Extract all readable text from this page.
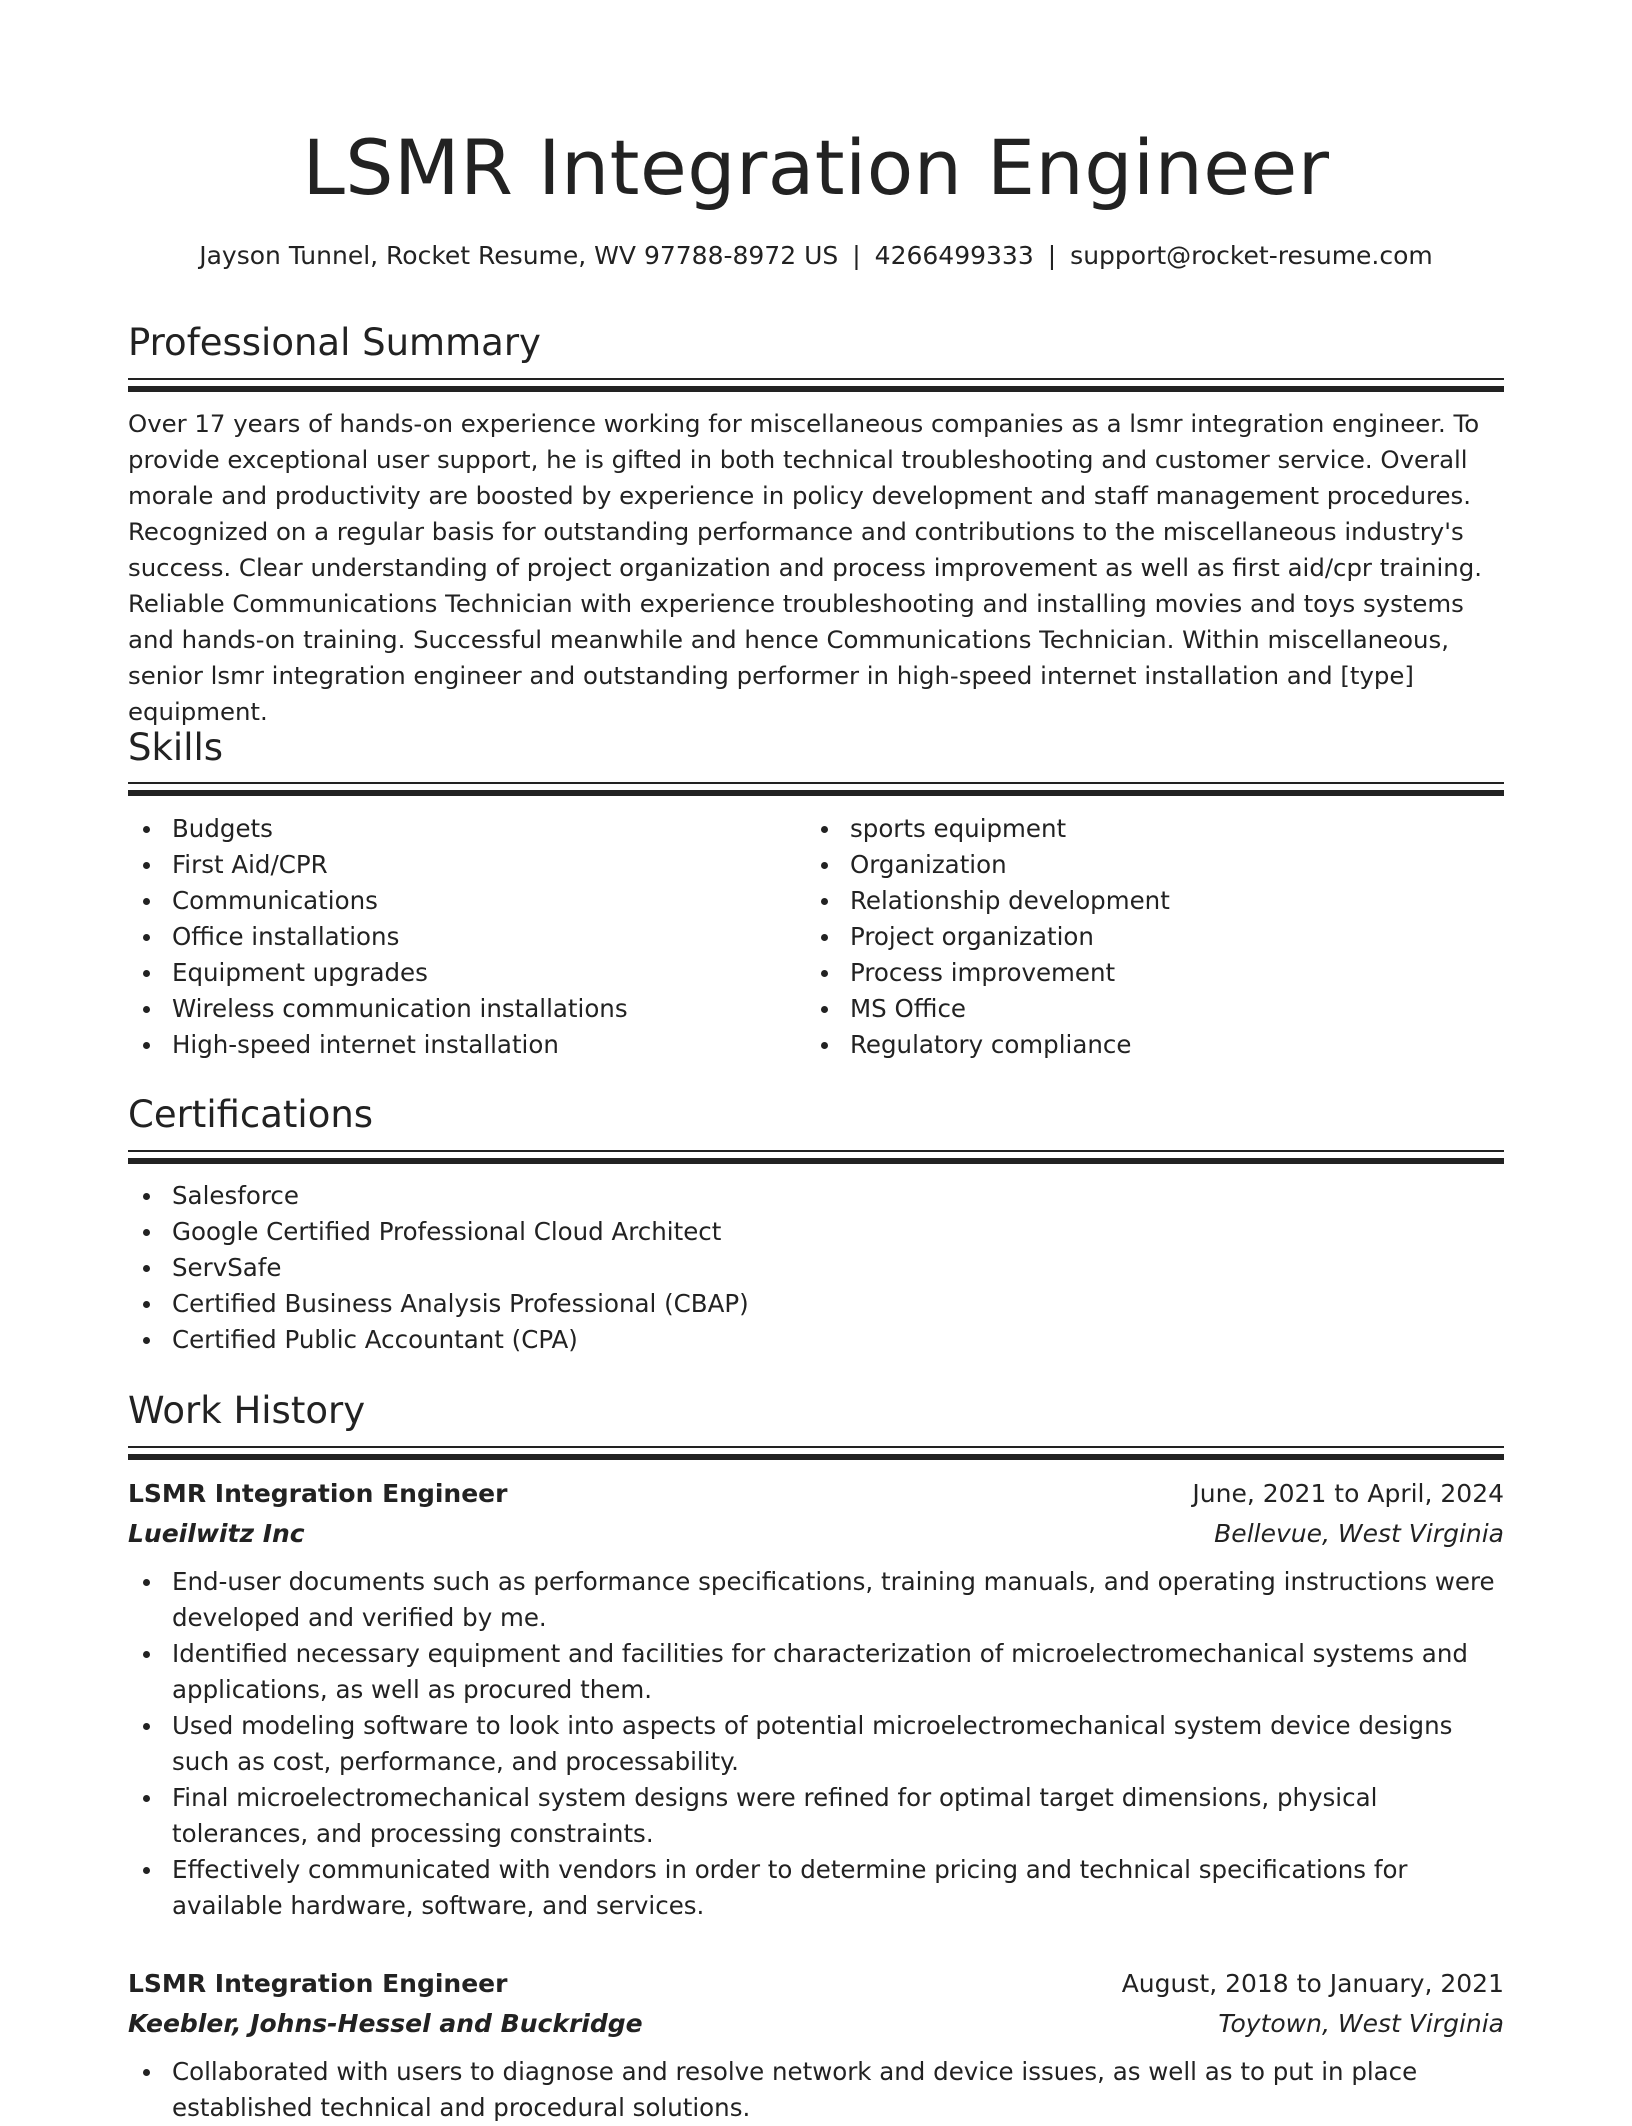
LSMR Integration Engineer
Jayson Tunnel, Rocket Resume, WV 97788-8972 US | 4266499333 | support@rocket-resume.com
Professional Summary

Over 17 years of hands-on experience working for miscellaneous companies as a lsmr integration engineer. To provide exceptional user support, he is gifted in both technical troubleshooting and customer service. Overall morale and productivity are boosted by experience in policy development and staff management procedures. Recognized on a regular basis for outstanding performance and contributions to the miscellaneous industry's success. Clear understanding of project organization and process improvement as well as first aid/cpr training. Reliable Communications Technician with experience troubleshooting and installing movies and toys systems and hands-on training. Successful meanwhile and hence Communications Technician. Within miscellaneous, senior lsmr integration engineer and outstanding performer in high-speed internet installation and [type] equipment.

Skills
Budgets
First Aid/CPR
Communications
Office installations
Equipment upgrades
Wireless communication installations
High-speed internet installation
sports equipment
Organization
Relationship development
Project organization
Process improvement
MS Office
Regulatory compliance
Certifications
Salesforce
Google Certified Professional Cloud Architect
ServSafe
Certified Business Analysis Professional (CBAP)
Certified Public Accountant (CPA)
Work History
LSMR Integration Engineer	June, 2021 to April, 2024
Lueilwitz Inc	Bellevue, West Virginia
End-user documents such as performance specifications, training manuals, and operating instructions were developed and verified by me.
Identified necessary equipment and facilities for characterization of microelectromechanical systems and applications, as well as procured them.
Used modeling software to look into aspects of potential microelectromechanical system device designs such as cost, performance, and processability.
Final microelectromechanical system designs were refined for optimal target dimensions, physical tolerances, and processing constraints.
Effectively communicated with vendors in order to determine pricing and technical specifications for available hardware, software, and services.
LSMR Integration Engineer	August, 2018 to January, 2021
Keebler, Johns-Hessel and Buckridge	Toytown, West Virginia
Collaborated with users to diagnose and resolve network and device issues, as well as to put in place established technical and procedural solutions.
